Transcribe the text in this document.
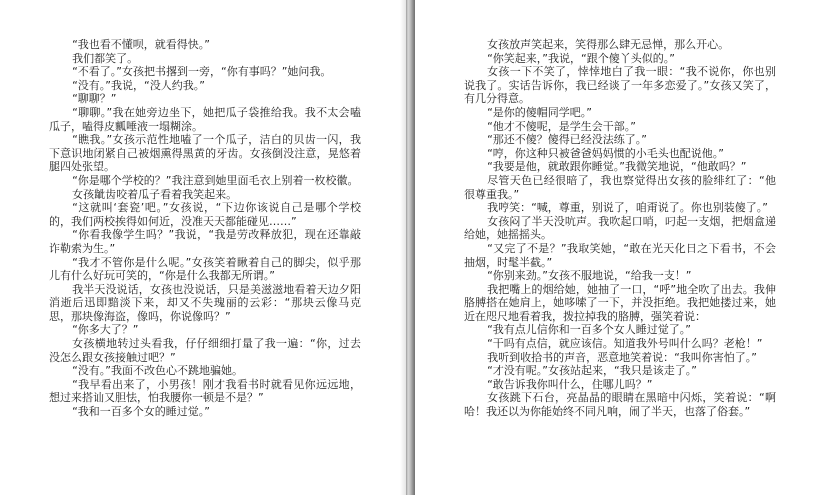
“我也看不懂呗，就看得快。”

我们都笑了。

“不看了。”女孩把书撂到一旁，“你有事吗？”她问我。

“没有。”我说，“没人约我。”

“聊聊？”

“聊聊。”我在她旁边坐下，她把瓜子袋推给我。我不太会嗑瓜子，嗑得皮瓤唾液一塌糊涂。

“瞧我。”女孩示范性地嗑了一个瓜子，洁白的贝齿一闪，我下意识地闭紧自己被烟熏得黑黄的牙齿。女孩倒没注意，晃悠着腿四处张望。

“你是哪个学校的？”我注意到她里面毛衣上别着一枚校徽。

女孩龇齿咬着瓜子看着我笑起来。

“这就叫‘套瓷’吧。”女孩说，“下边你该说自己是哪个学校的，我们两校挨得如何近，没准天天都能碰见……”

“你看我像学生吗？”我说，“我是劳改释放犯，现在还靠敲诈勒索为生。”

“我才不管你是什么呢。”女孩笑着瞅着自己的脚尖，似乎那儿有什么好玩可笑的，“你是什么我都无所谓。”

我半天没说话，女孩也没说话，只是美滋滋地看着天边夕阳消逝后迅即黯淡下来，却又不失瑰丽的云彩：“那块云像马克思，那块像海盗，像吗，你说像吗？”

“你多大了？”

女孩横地转过头看我，仔仔细细打量了我一遍：“你，过去没怎么跟女孩接触过吧？”

“没有。”我面不改色心不跳地骗她。

“我早看出来了，小男孩！刚才我看书时就看见你远远地，想过来搭讪又胆怯，怕我腰你一顿是不是？”

“我和一百多个女的睡过觉。”

女孩放声笑起来，笑得那么肆无忌惮，那么开心。

“你笑起来，”我说，“跟个傻丫头似的。”

女孩一下不笑了，悻悻地白了我一眼：“我不说你，你也别说我了。实话告诉你，我已经谈了一年多恋爱了。”女孩又笑了，有几分得意。

“是你的傻帽同学吧。”

“他才不傻呢，是学生会干部。”

“那还不傻？傻得已经没法练了。”

“哼，你这种只被爸爸妈妈惯的小毛头也配说他。”

“我要是他，就敢跟你睡觉。”我微笑地说，“他敢吗？”

尽管天色已经很暗了，我也察觉得出女孩的脸绯红了：“他很尊重我。”

我哼笑：“喊，尊重，别说了，咱甭说了。你也别装傻了。”

女孩闷了半天没吭声。我吹起口哨，叼起一支烟，把烟盒递给她，她摇摇头。

“又完了不是？”我取笑她，“敢在光天化日之下看书，不会抽烟，时髦半截。”

“你别来劲。”女孩不服地说，“给我一支！”

我把嘴上的烟给她，她抽了一口，“呼”地全吹了出去。我伸胳膊搭在她肩上，她哆嗦了一下，并没拒绝。我把她搂过来，她近在咫尺地看着我，拨拉掉我的胳膊，强笑着说：

“我有点儿信你和一百多个女人睡过觉了。”

“干吗有点信，就应该信。知道我外号叫什么吗？老枪！”

我听到收拾书的声音，恶意地笑着说：“我叫你害怕了。”

“才没有呢。”女孩站起来，“我只是该走了。”

“敢告诉我你叫什么，住哪儿吗？”

女孩跳下石台，亮晶晶的眼睛在黑暗中闪烁，笑着说：“啊哈！我还以为你能始终不同凡响，闹了半天，也落了俗套。”
